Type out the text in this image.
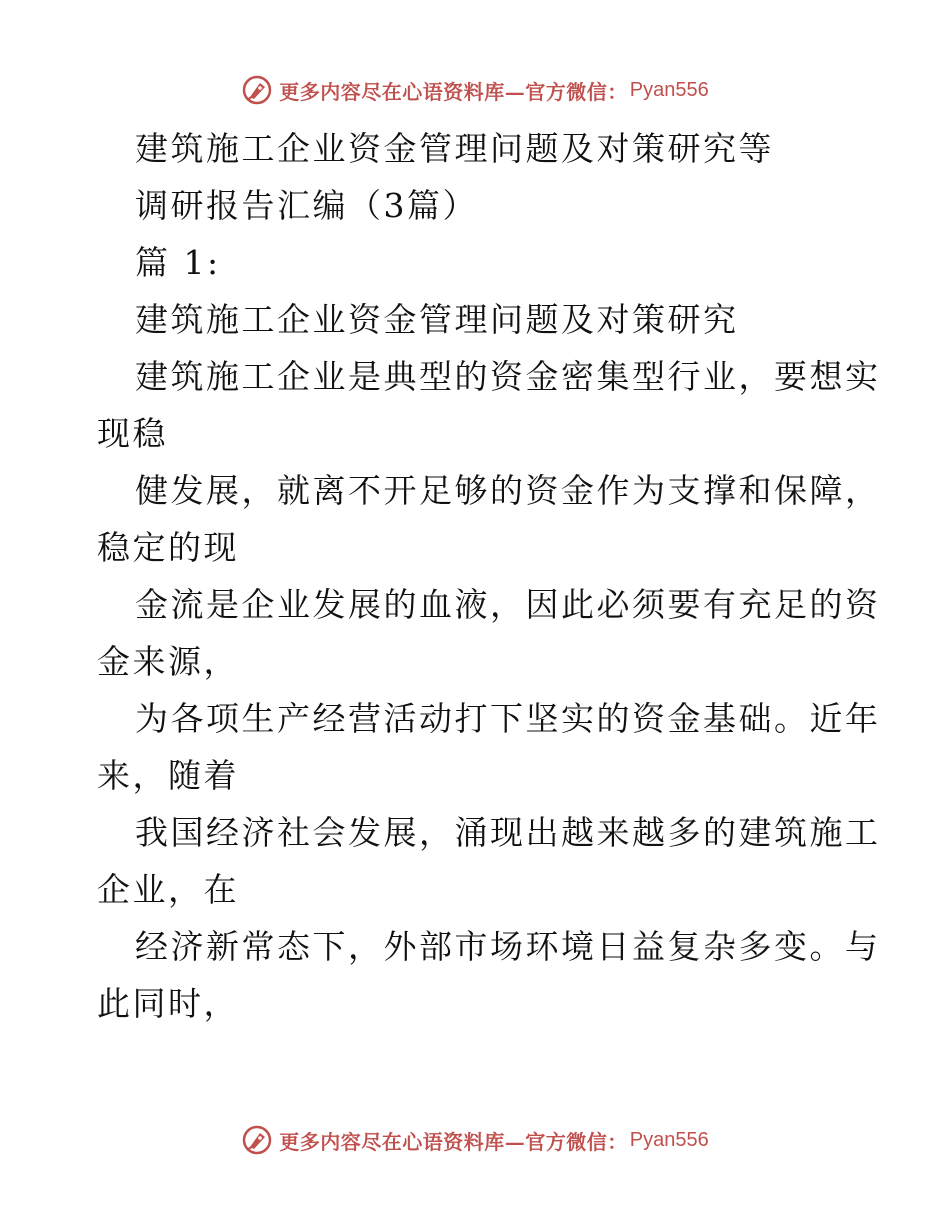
更多内容尽在心语资料库—官方微信： Pyan556
建筑施工企业资金管理问题及对策研究等
调研报告汇编（3篇）
篇 1:
建筑施工企业资金管理问题及对策研究
建筑施工企业是典型的资金密集型行业，要想实
现稳
健发展，就离不开足够的资金作为支撑和保障，
稳定的现
金流是企业发展的血液，因此必须要有充足的资
金来源，
为各项生产经营活动打下坚实的资金基础。近年
来，随着
我国经济社会发展，涌现出越来越多的建筑施工
企业，在
经济新常态下，外部市场环境日益复杂多变。与
此同时，
更多内容尽在心语资料库—官方微信： Pyan556
